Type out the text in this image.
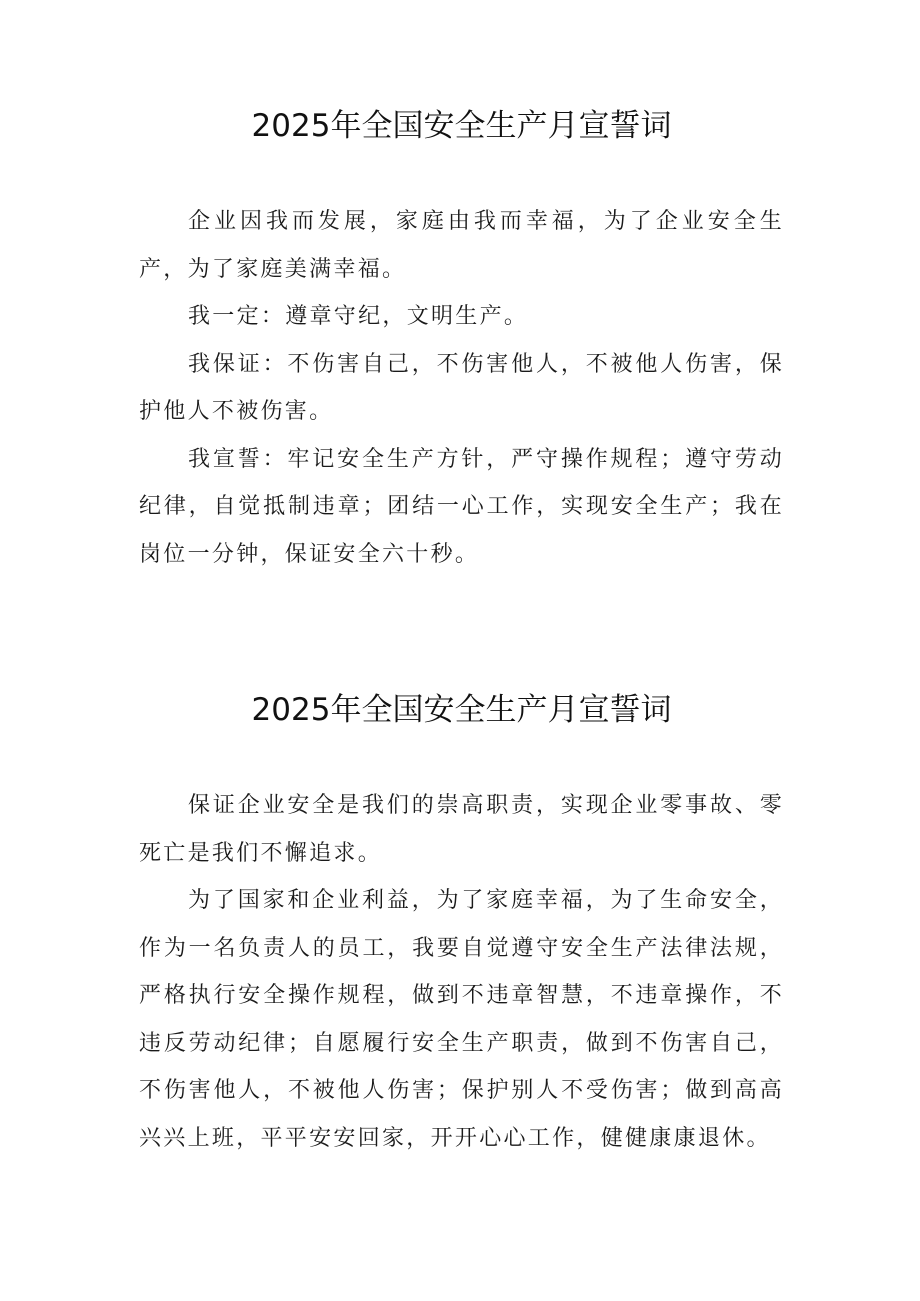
2025年全国安全生产月宣誓词

企业因我而发展，家庭由我而幸福，为了企业安全生产，为了家庭美满幸福。

我一定：遵章守纪，文明生产。

我保证：不伤害自己，不伤害他人，不被他人伤害，保护他人不被伤害。

我宣誓：牢记安全生产方针，严守操作规程；遵守劳动纪律，自觉抵制违章；团结一心工作，实现安全生产；我在岗位一分钟，保证安全六十秒。

2025年全国安全生产月宣誓词

保证企业安全是我们的崇高职责，实现企业零事故、零死亡是我们不懈追求。

为了国家和企业利益，为了家庭幸福，为了生命安全，作为一名负责人的员工，我要自觉遵守安全生产法律法规，严格执行安全操作规程，做到不违章智慧，不违章操作，不违反劳动纪律；自愿履行安全生产职责，做到不伤害自己，不伤害他人，不被他人伤害；保护别人不受伤害；做到高高兴兴上班，平平安安回家，开开心心工作，健健康康退休。
